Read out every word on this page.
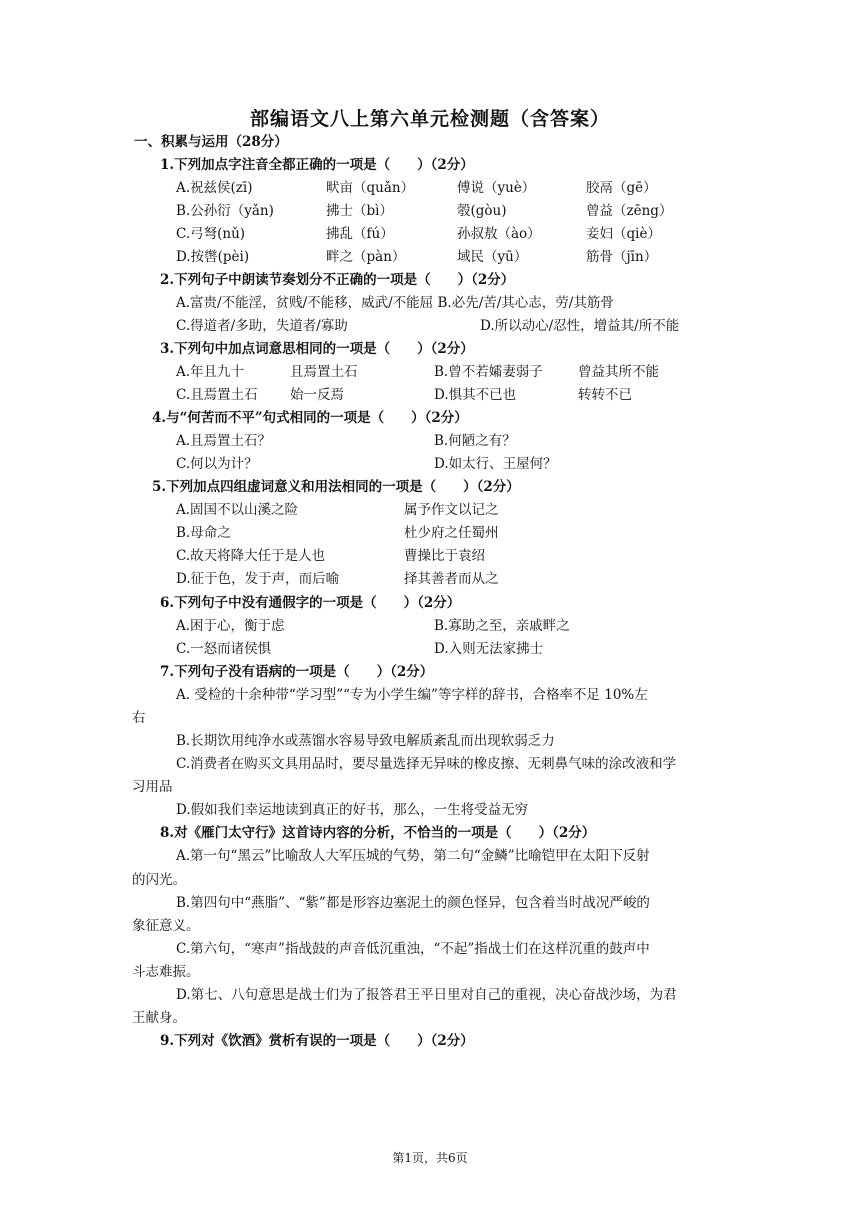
部编语文八上第六单元检测题（含答案）
一、积累与运用（28分）
1.下列加点字注音全都正确的一项是（　　）（2分）
A.祝兹侯(zī)	畎亩（quǎn）	傅说（yuè）	胶鬲（gē）
B.公孙衍（yǎn)	拂士（bì）	彀(gòu)	曾益（zēng）
C.弓弩(nǔ)	拂乱（fú）	孙叔敖（ào）	妾妇（qiè）
D.按辔(pèi)	畔之（pàn）	域民（yū）	筋骨（jīn）
2.下列句子中朗读节奏划分不正确的一项是（　　）（2分）
A.富贵/不能淫，贫贱/不能移，威武/不能屈 B.必先/苦/其心志，劳/其筋骨
C.得道者/多助，失道者/寡助	D.所以动心/忍性，增益其/所不能
3.下列句中加点词意思相同的一项是（　　）（2分）
A.年且九十	且焉置土石	B.曾不若孀妻弱子	曾益其所不能
C.且焉置土石 始一反焉	D.惧其不已也	转转不已
4.与“何苦而不平”句式相同的一项是（　　）（2分）
A.且焉置土石？	B.何陋之有？
C.何以为计？	D.如太行、王屋何？
5.下列加点四组虚词意义和用法相同的一项是（　　）（2分）
A.固国不以山溪之险	属予作文以记之
B.母命之	杜少府之任蜀州
C.故天将降大任于是人也	曹操比于袁绍
D.征于色，发于声，而后喻	择其善者而从之
6.下列句子中没有通假字的一项是（　　）（2分）
A.困于心，衡于虑	B.寡助之至，亲戚畔之
C.一怒而诸侯惧	D.入则无法家拂士
7.下列句子没有语病的一项是（　　）（2分）
A. 受检的十余种带“学习型”“专为小学生编”等字样的辞书，合格率不足 10%左
右
B.长期饮用纯净水或蒸馏水容易导致电解质紊乱而出现软弱乏力
C.消费者在购买文具用品时，要尽量选择无异味的橡皮擦、无刺鼻气味的涂改液和学
习用品
D.假如我们幸运地读到真正的好书，那么，一生将受益无穷
8.对《雁门太守行》这首诗内容的分析，不恰当的一项是（　　）（2分）
A.第一句“黑云”比喻敌人大军压城的气势，第二句“金鳞”比喻铠甲在太阳下反射
的闪光。
B.第四句中“燕脂”、“紫”都是形容边塞泥土的颜色怪异，包含着当时战况严峻的
象征意义。
C.第六句，“寒声”指战鼓的声音低沉重浊，“不起”指战士们在这样沉重的鼓声中
斗志难振。
D.第七、八句意思是战士们为了报答君王平日里对自己的重视，决心奋战沙场，为君
王献身。
9.下列对《饮酒》赏析有误的一项是（　　）（2分）
第1页，共6页
